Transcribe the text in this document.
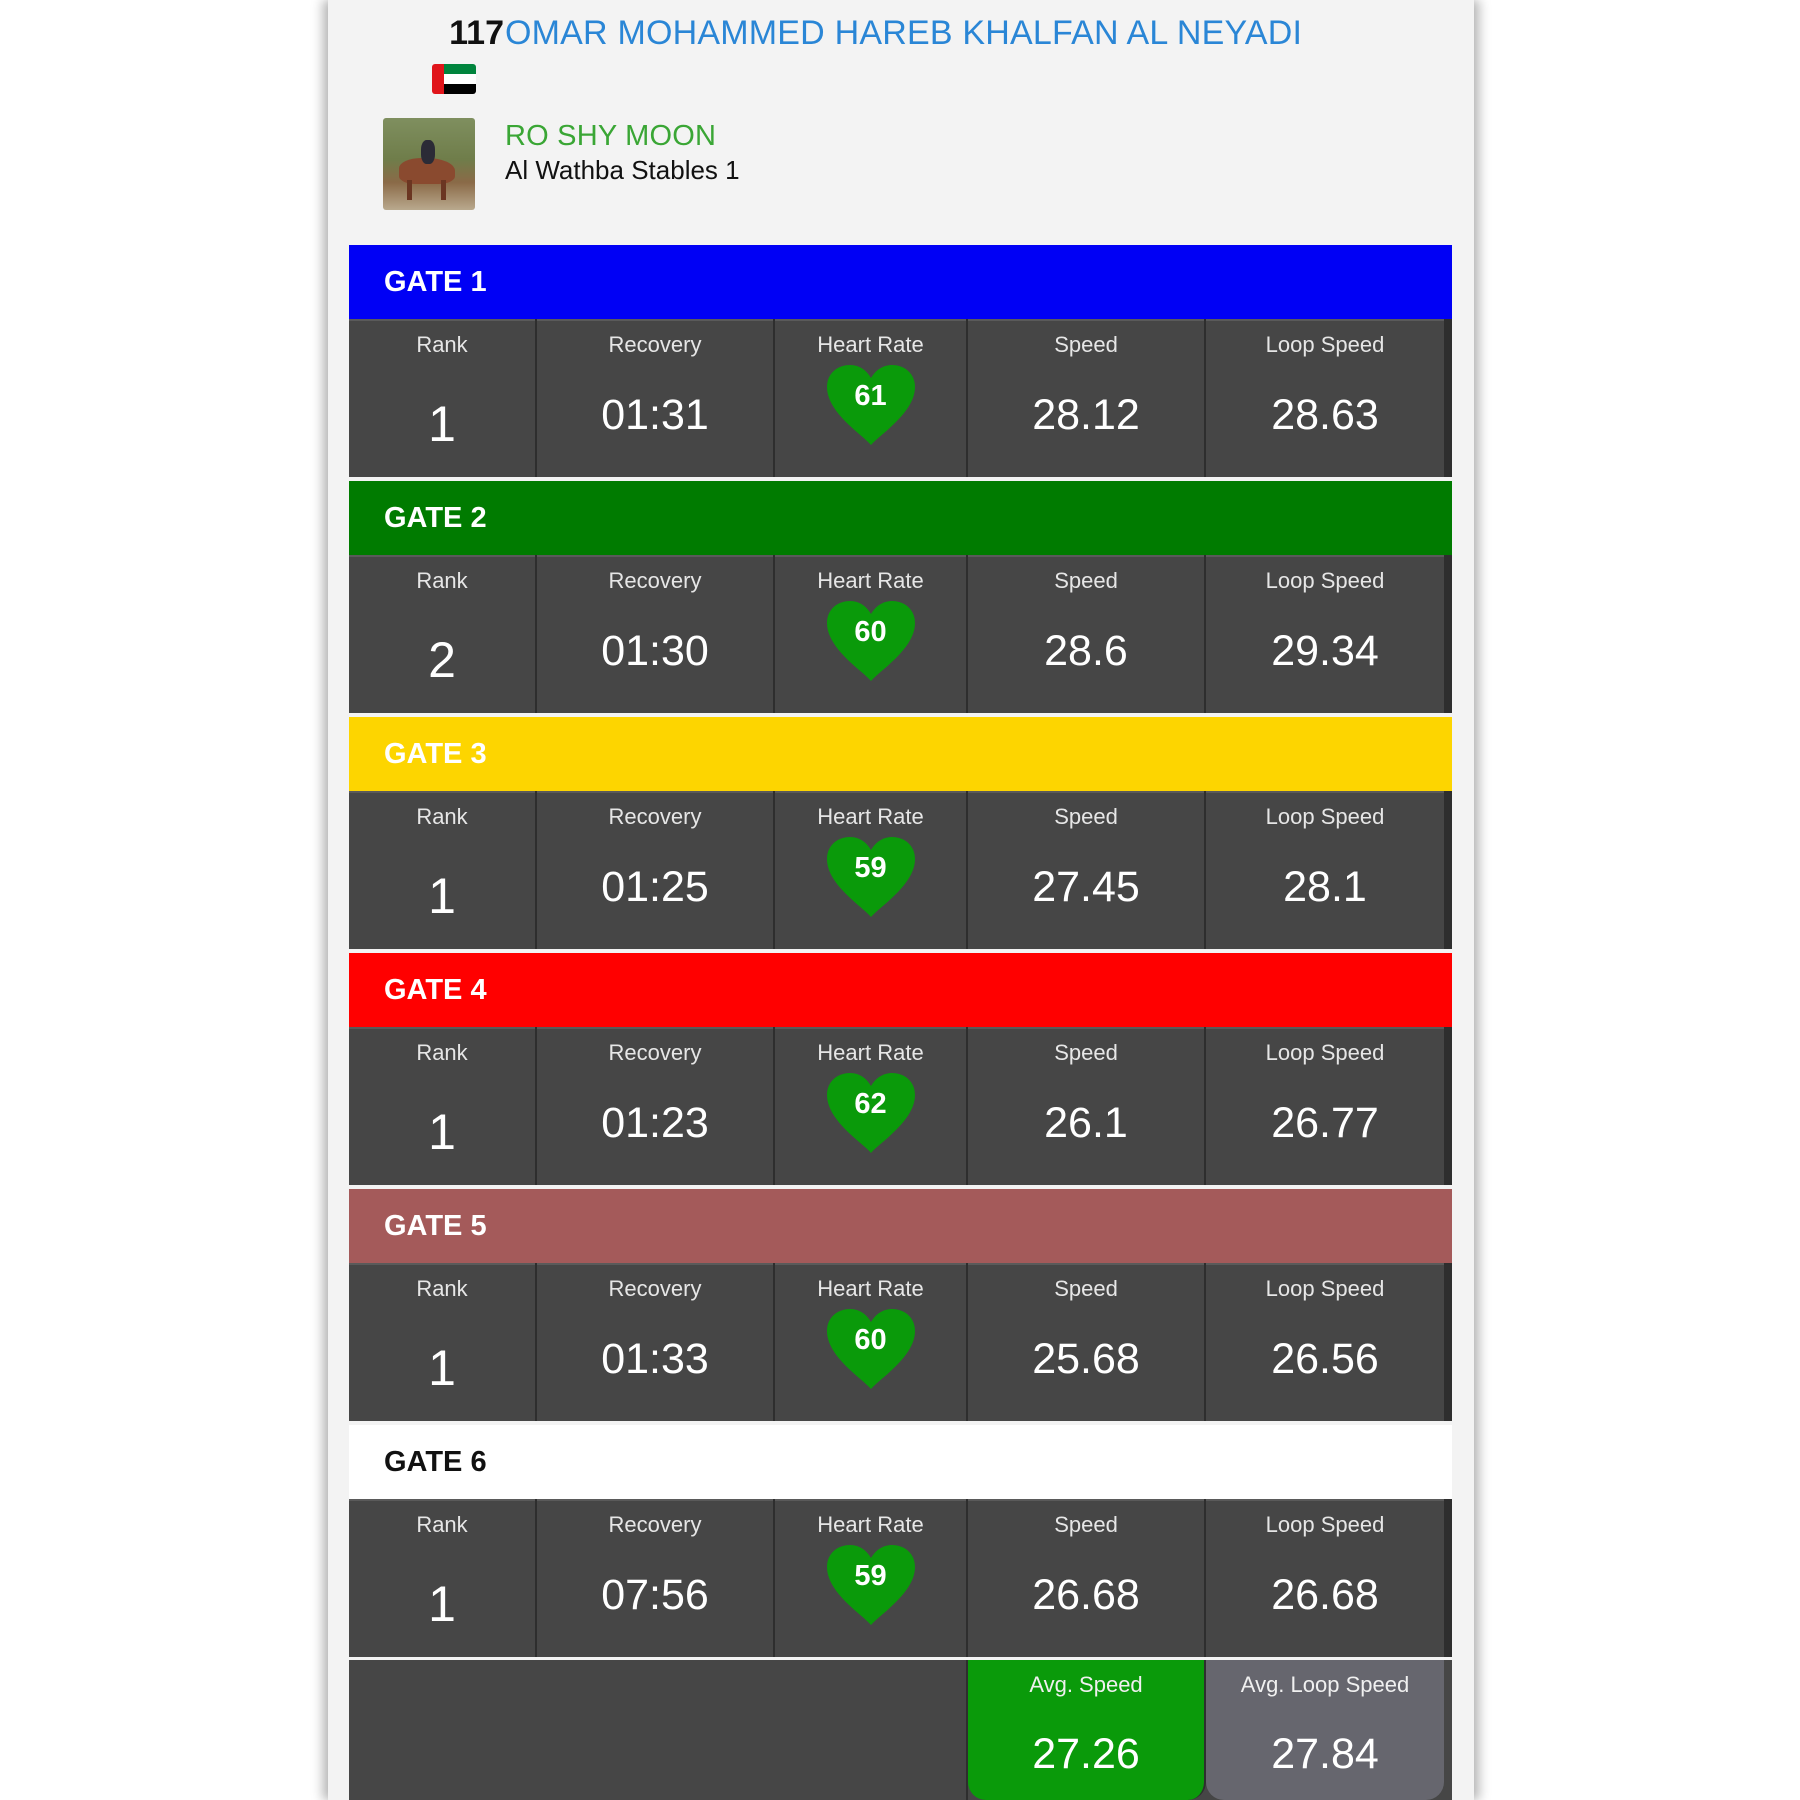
117 OMAR MOHAMMED HAREB KHALFAN AL NEYADI
RO SHY MOON
Al Wathba Stables 1
GATE 1
Rank
1
Recovery
01:31
Heart Rate
61
Speed
28.12
Loop Speed
28.63
GATE 2
Rank
2
Recovery
01:30
Heart Rate
60
Speed
28.6
Loop Speed
29.34
GATE 3
Rank
1
Recovery
01:25
Heart Rate
59
Speed
27.45
Loop Speed
28.1
GATE 4
Rank
1
Recovery
01:23
Heart Rate
62
Speed
26.1
Loop Speed
26.77
GATE 5
Rank
1
Recovery
01:33
Heart Rate
60
Speed
25.68
Loop Speed
26.56
GATE 6
Rank
1
Recovery
07:56
Heart Rate
59
Speed
26.68
Loop Speed
26.68
Avg. Speed
27.26
Avg. Loop Speed
27.84
